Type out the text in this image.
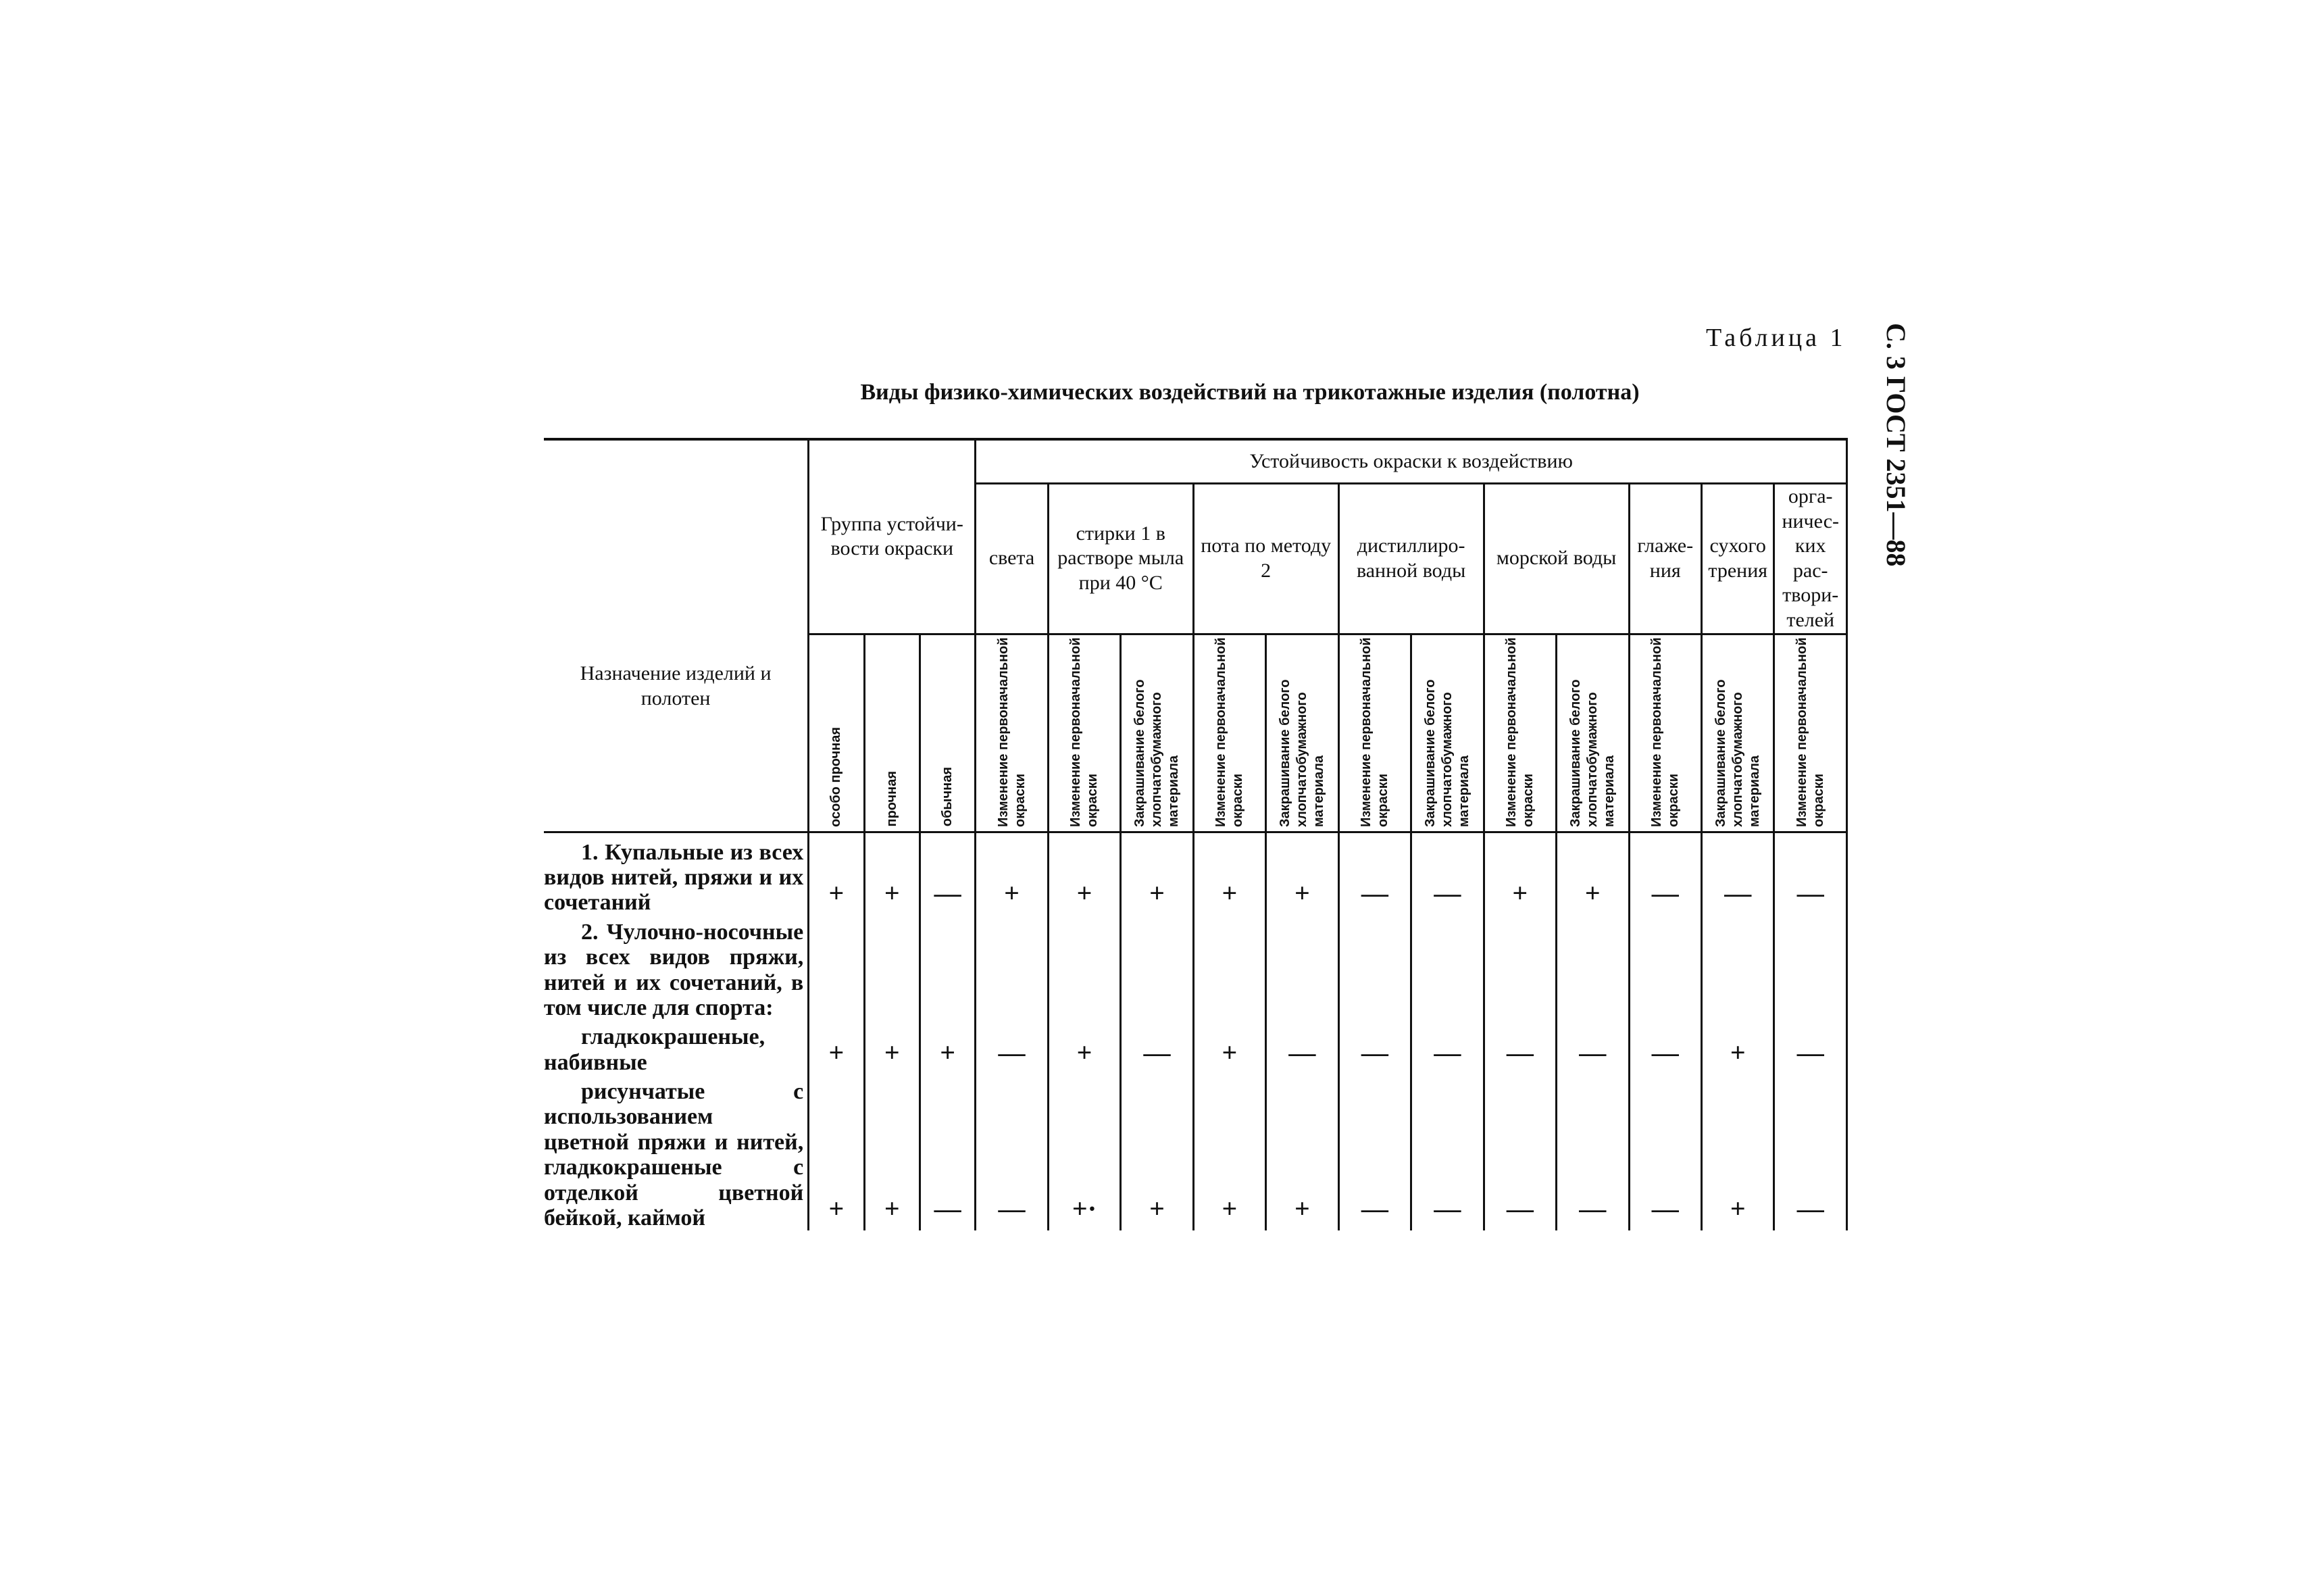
Таблица 1 С. 3 ГОСТ 2351—88
Виды физико-химических воздействий на трикотажные изделия (полотна)
Назначение изделий и полотен	Группа устойчи-вости окраски			Устойчивость окраски к воздействию											
				света	стирки 1 в растворе мыла при 40 °С		пота по методу 2		дистиллиро-ванной воды		морской воды		глаже-ния	сухого трения	орга-ничес-ких рас-твори-телей

	особо прочная	прочная	обычная	Изменение первоначальной окраски	Изменение первоначальной окраски	Закрашивание белого хлопчатобумажного материала	Изменение первоначальной окраски	Закрашивание белого хлопчатобумажного материала	Изменение первоначальной окраски	Закрашивание белого хлопчатобумажного материала	Изменение первоначальной окраски	Закрашивание белого хлопчатобумажного материала	Изменение первоначальной окраски	Закрашивание белого хлопчатобумажного материала	Изменение первоначальной окраски

1. Купальные из всех видов нитей, пряжи и их сочетаний	+	+	—	+	+	+	+	+	—	—	+	+	—	—	—

2. Чулочно-носочные из всех видов пряжи, нитей и их сочетаний, в том числе для спорта:															

гладкокрашеные, набивные	+	+	+	—	+	—	+	—	—	—	—	—	—	+	—

рисунчатые с использованием цветной пряжи и нитей, гладкокрашеные с отделкой цветной бейкой, каймой	+	+	—	—	+·	+	+	+	—	—	—	—	—	+	—
